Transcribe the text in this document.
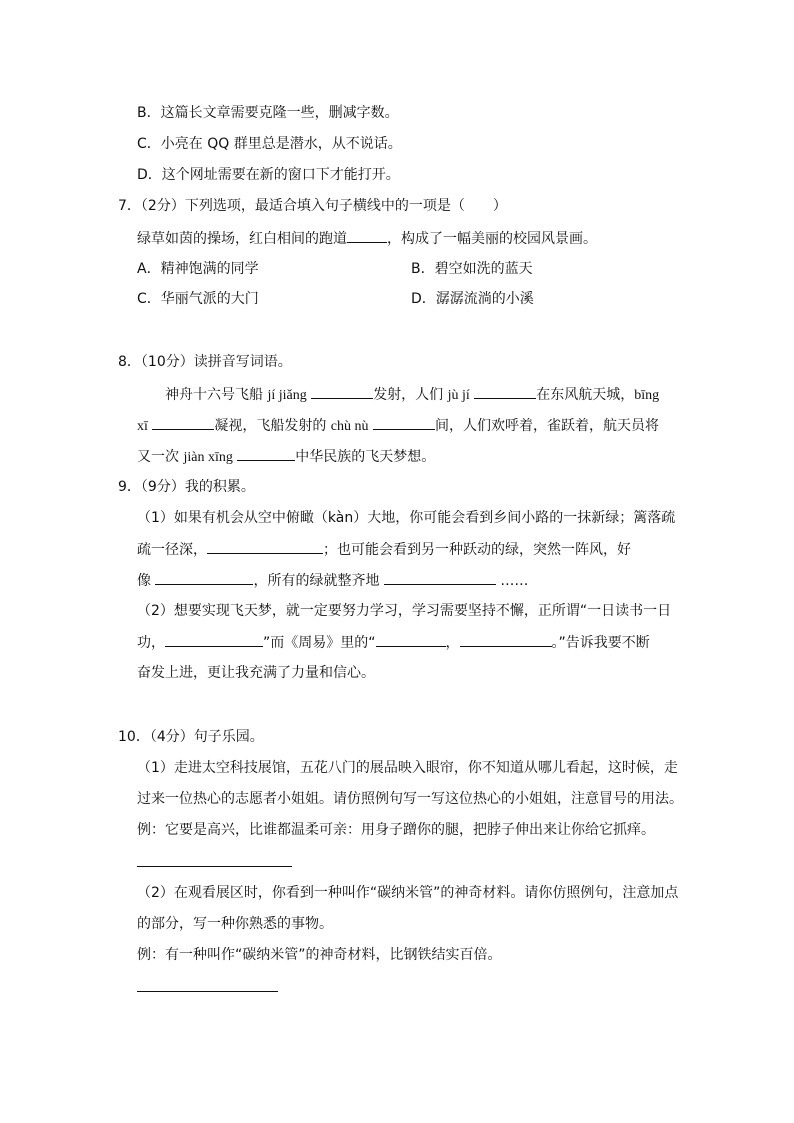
B．这篇长文章需要克隆一些，删减字数。
C．小亮在 QQ 群里总是潜水，从不说话。
D．这个网址需要在新的窗口下才能打开。
7．（2分）下列选项，最适合填入句子横线中的一项是（　　）
绿草如茵的操场，红白相间的跑道	，构成了一幅美丽的校园风景画。
A．精神饱满的同学	B．碧空如洗的蓝天
C．华丽气派的大门	D．潺潺流淌的小溪
8．（10分）读拼音写词语。
神舟十六号飞船 jí jiǎng	发射，人们 jù jí	在东风航天城，bīng
xī	凝视，飞船发射的 chù nù	间，人们欢呼着，雀跃着，航天员将
又一次 jiàn xīng	中华民族的飞天梦想。
9．（9分）我的积累。
（1）如果有机会从空中俯瞰（kàn）大地，你可能会看到乡间小路的一抹新绿；篱落疏
疏一径深，	；也可能会看到另一种跃动的绿，突然一阵风，好
像	，所有的绿就整齐地	……
（2）想要实现飞天梦，就一定要努力学习，学习需要坚持不懈，正所谓“一日读书一日
功，	”而《周易》里的“	，	。”告诉我要不断
奋发上进，更让我充满了力量和信心。
10．（4分）句子乐园。
（1）走进太空科技展馆，五花八门的展品映入眼帘，你不知道从哪儿看起，这时候，走
过来一位热心的志愿者小姐姐。请仿照例句写一写这位热心的小姐姐，注意冒号的用法。
例：它要是高兴，比谁都温柔可亲：用身子蹭你的腿，把脖子伸出来让你给它抓痒。
（2）在观看展区时，你看到一种叫作“碳纳米管”的神奇材料。请你仿照例句，注意加点
的部分，写一种你熟悉的事物。
例：有一种叫作“碳纳米管”的神奇材料，比钢铁结实百倍。
